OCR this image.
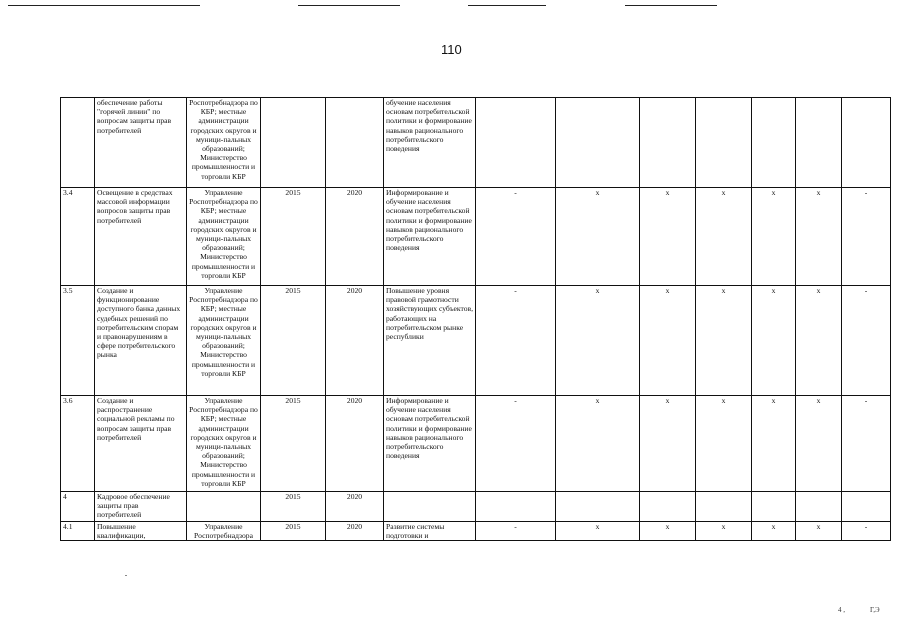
110
	обеспечение работы "горячей линии" по вопросам защиты прав потребителей	Роспотребнадзора по КБР; местные администрации городских округов и муници-пальных образований; Министерство промышленности и торговли КБР			обучение населения основам потребительской политики и формирование навыков рационального потребительского поведения							
3.4	Освещение в средствах массовой информации вопросов защиты прав потребителей	Управление Роспотребнадзора по КБР; местные администрации городских округов и муници-пальных образований; Министерство промышленности и торговли КБР	2015	2020	Информирование и обучение населения основам потребительской политики и формирование навыков рационального потребительского поведения	-	x	x	x	x	x	-
3.5	Создание и функционирование доступного банка данных судебных решений по потребительским спорам и правонарушениям в сфере потребительского рынка	Управление Роспотребнадзора по КБР; местные администрации городских округов и муници-пальных образований; Министерство промышленности и торговли КБР	2015	2020	Повышение уровня правовой грамотности хозяйствующих субъектов, работающих на потребительском рынке республики	-	x	x	x	x	x	-
3.6	Создание и распространение социальной рекламы по вопросам защиты прав потребителей	Управление Роспотребнадзора по КБР; местные администрации городских округов и муници-пальных образований; Министерство промышленности и торговли КБР	2015	2020	Информирование и обучение населения основам потребительской политики и формирование навыков рационального потребительского поведения	-	x	x	x	x	x	-
4	Кадровое обеспечение защиты прав потребителей		2015	2020								
4.1	Повышение квалификации,	Управление Роспотребнадзора	2015	2020	Развитие системы подготовки и	-	x	x	x	x	x	-
4 ,	Г,Э
